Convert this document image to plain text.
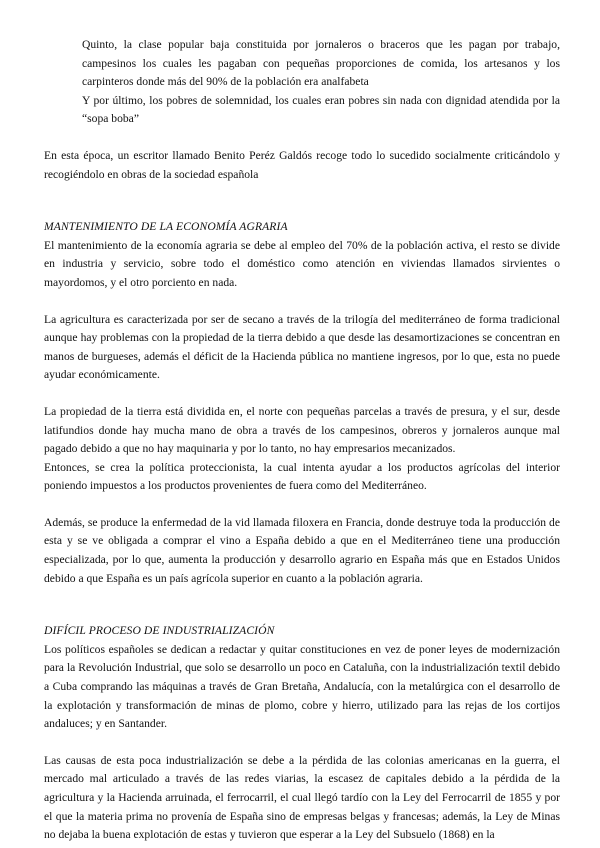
Quinto, la clase popular baja constituida por jornaleros o braceros que les pagan por trabajo, campesinos los cuales les pagaban con pequeñas proporciones de comida, los artesanos y los carpinteros donde más del 90% de la población era analfabeta

Y por último, los pobres de solemnidad, los cuales eran pobres sin nada con dignidad atendida por la “sopa boba”

En esta época, un escritor llamado Benito Peréz Galdós recoge todo lo sucedido socialmente criticándolo y recogiéndolo en obras de la sociedad española

MANTENIMIENTO DE LA ECONOMÍA AGRARIA

El mantenimiento de la economía agraria se debe al empleo del 70% de la población activa, el resto se divide en industria y servicio, sobre todo el doméstico como atención en viviendas llamados sirvientes o mayordomos, y el otro porciento en nada.

La agricultura es caracterizada por ser de secano a través de la trilogía del mediterráneo de forma tradicional aunque hay problemas con la propiedad de la tierra debido a que desde las desamortizaciones se concentran en manos de burgueses, además el déficit de la Hacienda pública no mantiene ingresos, por lo que, esta no puede ayudar económicamente.

La propiedad de la tierra está dividida en, el norte con pequeñas parcelas a través de presura, y el sur, desde latifundios donde hay mucha mano de obra a través de los campesinos, obreros y jornaleros aunque mal pagado debido a que no hay maquinaria y por lo tanto, no hay empresarios mecanizados.

Entonces, se crea la política proteccionista, la cual intenta ayudar a los productos agrícolas del interior poniendo impuestos a los productos provenientes de fuera como del Mediterráneo.

Además, se produce la enfermedad de la vid llamada filoxera en Francia, donde destruye toda la producción de esta y se ve obligada a comprar el vino a España debido a que en el Mediterráneo tiene una producción especializada, por lo que, aumenta la producción y desarrollo agrario en España más que en Estados Unidos debido a que España es un país agrícola superior en cuanto a la población agraria.

DIFÍCIL PROCESO DE INDUSTRIALIZACIÓN

Los políticos españoles se dedican a redactar y quitar constituciones en vez de poner leyes de modernización para la Revolución Industrial, que solo se desarrollo un poco en Cataluña, con la industrialización textil debido a Cuba comprando las máquinas a través de Gran Bretaña, Andalucía, con la metalúrgica con el desarrollo de la explotación y transformación de minas de plomo, cobre y hierro, utilizado para las rejas de los cortijos andaluces; y en Santander.

Las causas de esta poca industrialización se debe a la pérdida de las colonias americanas en la guerra, el mercado mal articulado a través de las redes viarias, la escasez de capitales debido a la pérdida de la agricultura y la Hacienda arruinada, el ferrocarril, el cual llegó tardío con la Ley del Ferrocarril de 1855 y por el que la materia prima no provenía de España sino de empresas belgas y francesas; además, la Ley de Minas no dejaba la buena explotación de estas y tuvieron que esperar a la Ley del Subsuelo (1868) en la
